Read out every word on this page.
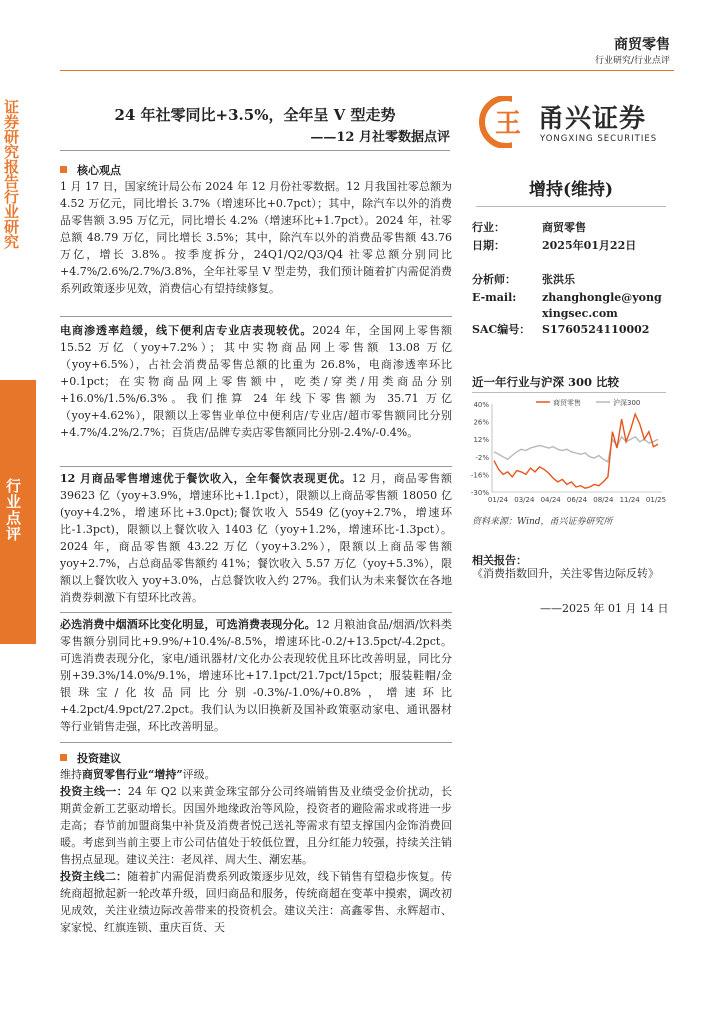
商贸零售
行业研究/行业点评
证券研究报告 行业研究
行业点评
24 年社零同比+3.5%，全年呈 V 型走势
——12 月社零数据点评 王 甬兴证券
YONGXING SECURITIES
增持(维持)
行业：	商贸零售
日期：	2025年01月22日
分析师： 张洪乐
E-mail:	zhanghongle@yongxingsec.com
SAC编号： S1760524110002
近一年行业与沪深 300 比较
40%
26%
12%
-2%
-16%
-30%
01/24 03/24 04/24 06/24 08/24 11/24 01/25
商贸零售	沪深300
资料来源：Wind，甬兴证券研究所
相关报告：
《消费指数回升，关注零售边际反转》
——2025 年 01 月 14 日
核心观点
1 月 17 日，国家统计局公布 2024 年 12 月份社零数据。12 月我国社零总额为 4.52 万亿元，同比增长 3.7%（增速环比+0.7pct）；其中，除汽车以外的消费品零售额 3.95 万亿元，同比增长 4.2%（增速环比+1.7pct）。2024 年，社零总额 48.79 万亿，同比增长 3.5%；其中，除汽车以外的消费品零售额 43.76 万亿，增长 3.8%。按季度拆分，24Q1/Q2/Q3/Q4 社零总额分别同比+4.7%/2.6%/2.7%/3.8%，全年社零呈 V 型走势，我们预计随着扩内需促消费系列政策逐步见效，消费信心有望持续修复。
电商渗透率趋缓，线下便利店专业店表现较优。2024 年，全国网上零售额 15.52 万亿（yoy+7.2%）；其中实物商品网上零售额 13.08 万亿（yoy+6.5%），占社会消费品零售总额的比重为 26.8%，电商渗透率环比+0.1pct；在实物商品网上零售额中，吃类/穿类/用类商品分别+16.0%/1.5%/6.3%。我们推算 24 年线下零售额为 35.71 万亿（yoy+4.62%），限额以上零售业单位中便利店/专业店/超市零售额同比分别+4.7%/4.2%/2.7%；百货店/品牌专卖店零售额同比分别-2.4%/-0.4%。
12 月商品零售增速优于餐饮收入，全年餐饮表现更优。12 月，商品零售额 39623 亿（yoy+3.9%，增速环比+1.1pct），限额以上商品零售额 18050 亿(yoy+4.2%，增速环比+3.0pct);餐饮收入 5549 亿(yoy+2.7%，增速环比-1.3pct)，限额以上餐饮收入 1403 亿（yoy+1.2%，增速环比-1.3pct）。2024 年，商品零售额 43.22 万亿（yoy+3.2%），限额以上商品零售额 yoy+2.7%，占总商品零售额约 41%；餐饮收入 5.57 万亿（yoy+5.3%），限额以上餐饮收入 yoy+3.0%，占总餐饮收入约 27%。我们认为未来餐饮在各地消费券刺激下有望环比改善。
必选消费中烟酒环比变化明显，可选消费表现分化。12 月粮油食品/烟酒/饮料类零售额分别同比+9.9%/+10.4%/-8.5%，增速环比-0.2/+13.5pct/-4.2pct。可选消费表现分化，家电/通讯器材/文化办公表现较优且环比改善明显，同比分别+39.3%/14.0%/9.1%，增速环比+17.1pct/21.7pct/15pct；服装鞋帽/金银珠宝/化妆品同比分别-0.3%/-1.0%/+0.8%，增速环比+4.2pct/4.9pct/27.2pct。我们认为以旧换新及国补政策驱动家电、通讯器材等行业销售走强，环比改善明显。
投资建议
维持商贸零售行业“增持”评级。
投资主线一：24 年 Q2 以来黄金珠宝部分公司终端销售及业绩受金价扰动，长期黄金新工艺驱动增长。因国外地缘政治等风险，投资者的避险需求或将进一步走高；春节前加盟商集中补货及消费者悦己送礼等需求有望支撑国内金饰消费回暖。考虑到当前主要上市公司估值处于较低位置，且分红能力较强，持续关注销售拐点显现。建议关注：老凤祥、周大生、潮宏基。
投资主线二：随着扩内需促消费系列政策逐步见效，线下销售有望稳步恢复。传统商超掀起新一轮改革升级，回归商品和服务，传统商超在变革中摸索，调改初见成效，关注业绩边际改善带来的投资机会。建议关注：高鑫零售、永辉超市、家家悦、红旗连锁、重庆百货、天
